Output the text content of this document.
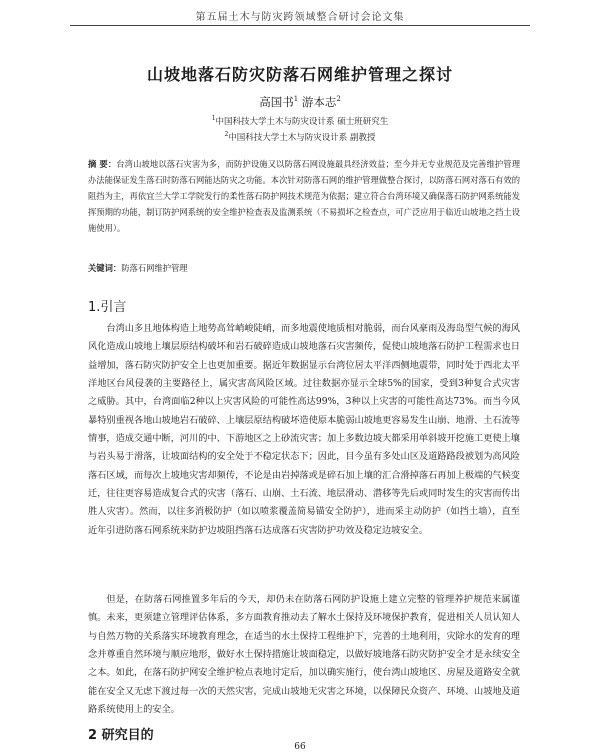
第五届土木与防灾跨领域整合研讨会论文集
山坡地落石防灾防落石网维护管理之探讨
高国书$^1$ 游本志$^2$
$^1$中国科技大学土木与防灾设计系 硕士班研究生
$^2$中国科技大学土木与防灾设计系 副教授
摘 要：台湾山坡地以落石灾害为多，而防护设施又以防落石网设施最具经济效益；至今并无专业规范及完善维护管理办法能保证发生落石时防落石网能达防灾之功能。本次针对防落石网的维护管理做整合探讨，以防落石网对落石有效的阻挡为主，再依宜兰大学工学院发行的柔性落石防护网技术规范为依据；建立符合台湾环境又确保落石防护网系统能发挥预期的功能，制订防护网系统的安全维护检查表及监测系统（不易损坏之检查点，可广泛应用于临近山坡地之挡土设施使用）。
关键词：防落石网维护管理
1.引言

台湾山多且地体构造上地势高耸峭峻陡峭，而多地震使地质相对脆弱，而台风豪雨及海岛型气候的海风风化造成山坡地上壤层原结构破坏和岩石破碎造成山坡地落石灾害频传，促使山坡地落石防护工程需求也日益增加，落石防灾防护安全上也更加重要。据近年数据显示台湾位居太平洋西侧地震带，同时处于西北太平洋地区台风侵袭的主要路径上，属灾害高风险区域。过往数据亦显示全球5%的国家，受到3种复合式灾害之威胁。其中，台湾面临2种以上灾害风险的可能性高达99%，3种以上灾害的可能性高达73%。而当今风暴特别重视各地山坡地岩石破碎、上壤层原结构破坏造使原本脆弱山坡地更容易发生山崩、地滑、土石流等情事，造成交通中断，河川的中、下游地区之上砂流灾害；加上多数边坡大都采用单斜坡开挖施工更使上壤与岩头易于滑落，让坡面结构的安全处于不稳定状态下；因此，目今虽有多处山区及道路路段被划为高风险落石区域，而每次上坡地灾害却频传，不论是由岩掉落或是碎石加上壤的汇合滑掉落石再加上极端的气候变迁，往往更容易造成复合式的灾害（落石、山崩、土石流、地层滑动、潜移等先后或同时发生的灾害而传出胜人灾害）。然而，以往多消极防护（如以喷浆覆盖简易锚安全防护），进而采主动防护（如挡土墙），直至近年引进防落石网系统来防护边坡阻挡落石达成落石灾害防护功效及稳定边坡安全。

但是，在防落石网推置多年后的今天，却仍未在防落石网防护设施上建立完整的管理养护规范来属谨慎。未来，更须建立管理评估体系，多方面教育推动去了解水土保持及环境保护教育，促进相关人员认知人与自然万物的关系落实环境教育理念，在适当的水土保持工程维护下，完善的土地利用，灾除水的发育的理念并尊重自然环境与顺应地形，做好水土保持措施让坡面稳定，以做好坡地落石防灾防护安全才是永续安全之本。如此，在落石防护网安全维护检点表地讨定后，加以确实施行，使台湾山坡地区、房屋及道路安全就能在安全又无虑下渡过每一次的天然灾害，完成山坡地无灾害之环境，以保障民众资产、环境、山坡地及道路系统使用上的安全。

2 研究目的
66
